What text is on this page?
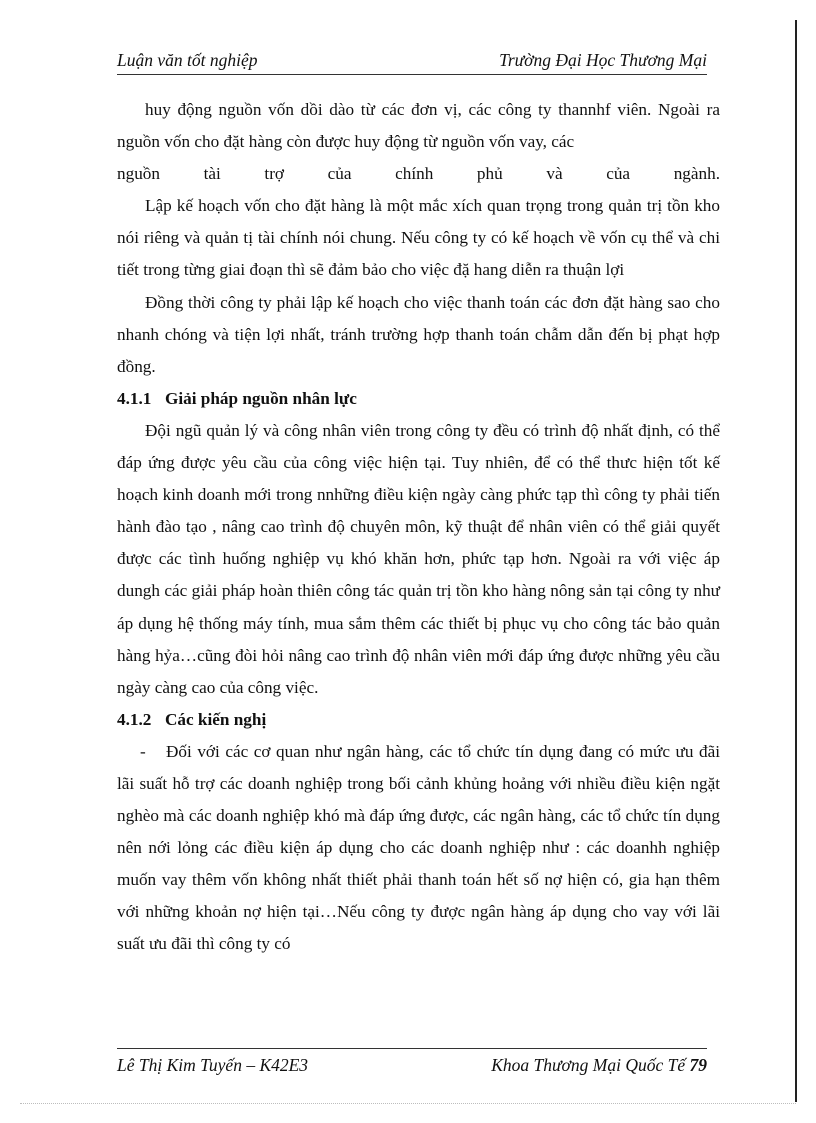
Luận văn tốt nghiệp	Trường Đại Học Thương Mại

huy động nguồn vốn dồi dào từ các đơn vị, các công ty thannhf viên. Ngoài ra nguồn vốn cho đặt hàng còn được huy động từ nguồn vốn vay, các

nguồn tài trợ của chính phủ và của ngành.

Lập kế hoạch vốn cho đặt hàng là một mắc xích quan trọng trong quản trị tồn kho nói riêng và quản tị tài chính nói chung. Nếu công ty có kế hoạch về vốn cụ thể và chi tiết trong từng giai đoạn thì sẽ đảm bảo cho việc đặ hang diễn ra thuận lợi

Đồng thời công ty phải lập kế hoạch cho việc thanh toán các đơn đặt hàng sao cho nhanh chóng và tiện lợi nhất, tránh trường hợp thanh toán chẫm dẫn đến bị phạt hợp đồng.

4.1.1 Giải pháp nguồn nhân lực

Đội ngũ quản lý và công nhân viên trong công ty đều có trình độ nhất định, có thể đáp ứng được yêu cầu của công việc hiện tại. Tuy nhiên, để có thể thưc hiện tốt kế hoạch kinh doanh mới trong nnhững điều kiện ngày càng phức tạp thì công ty phải tiến hành đào tạo , nâng cao trình độ chuyên môn, kỹ thuật để nhân viên có thể giải quyết được các tình huống nghiệp vụ khó khăn hơn, phức tạp hơn. Ngoài ra với việc áp dungh các giải pháp hoàn thiên công tác quản trị tồn kho hàng nông sản tại công ty như áp dụng hệ thống máy tính, mua sắm thêm các thiết bị phục vụ cho công tác bảo quản hàng hỷa…cũng đòi hỏi nâng cao trình độ nhân viên mới đáp ứng được những yêu cầu ngày càng cao của công việc.

4.1.2 Các kiến nghị

- Đối với các cơ quan như ngân hàng, các tổ chức tín dụng đang có mức ưu đãi lãi suất hỗ trợ các doanh nghiệp trong bối cảnh khủng hoảng với nhiều điều kiện ngặt nghèo mà các doanh nghiệp khó mà đáp ứng được, các ngân hàng, các tổ chức tín dụng nên nới lỏng các điều kiện áp dụng cho các doanh nghiệp như : các doanhh nghiệp muốn vay thêm vốn không nhất thiết phải thanh toán hết số nợ hiện có, gia hạn thêm với những khoản nợ hiện tại…Nếu công ty được ngân hàng áp dụng cho vay với lãi suất ưu đãi thì công ty có

Lê Thị Kim Tuyến – K42E3	Khoa Thương Mại Quốc Tế 79
